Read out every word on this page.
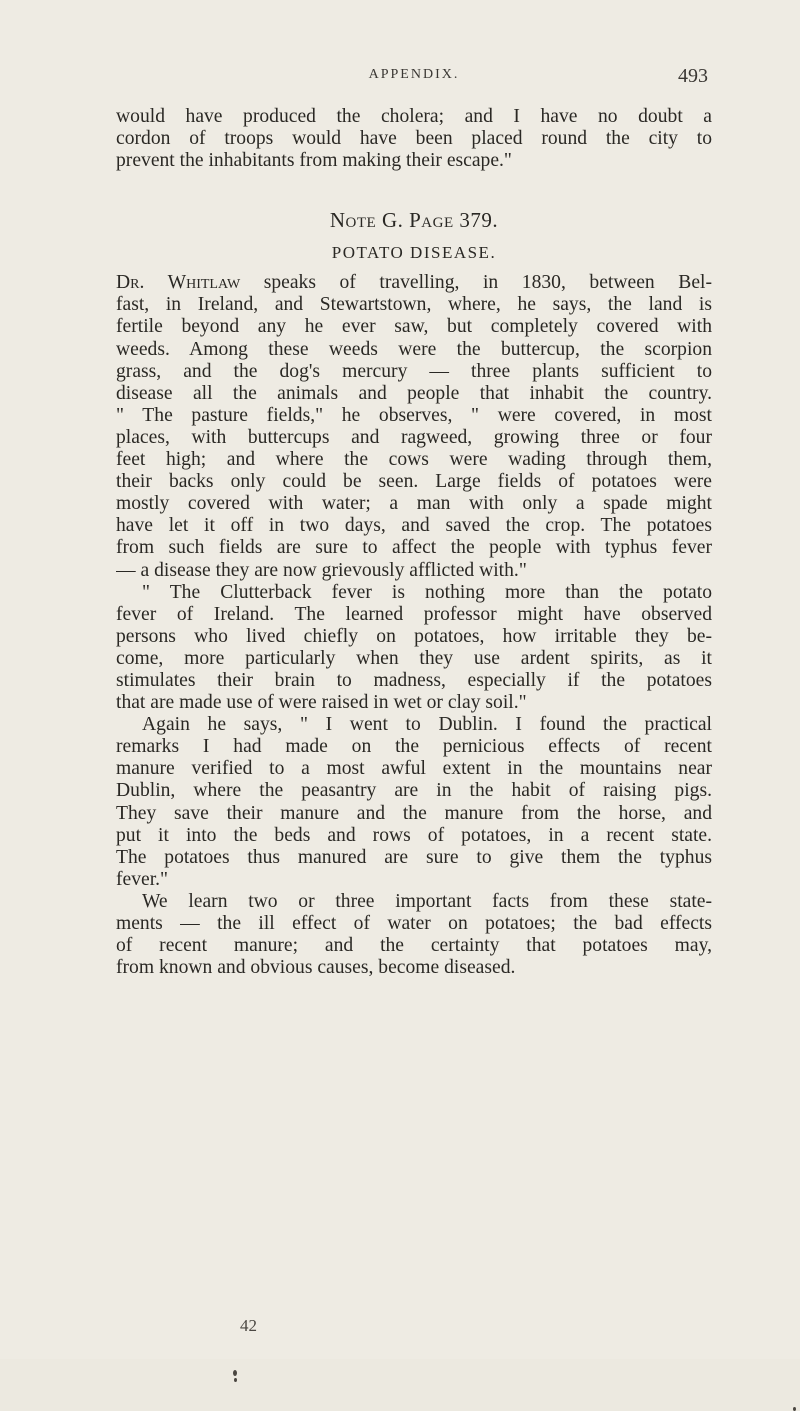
APPENDIX.	493
would have produced the cholera; and I have no doubt a
cordon of troops would have been placed round the city to
prevent the inhabitants from making their escape."
Note G. Page 379.
POTATO DISEASE.
Dr. Whitlaw speaks of travelling, in 1830, between Bel-
fast, in Ireland, and Stewartstown, where, he says, the land is
fertile beyond any he ever saw, but completely covered with
weeds. Among these weeds were the buttercup, the scorpion
grass, and the dog's mercury — three plants sufficient to
disease all the animals and people that inhabit the country.
" The pasture fields," he observes, " were covered, in most
places, with buttercups and ragweed, growing three or four
feet high; and where the cows were wading through them,
their backs only could be seen. Large fields of potatoes were
mostly covered with water; a man with only a spade might
have let it off in two days, and saved the crop. The potatoes
from such fields are sure to affect the people with typhus fever
— a disease they are now grievously afflicted with."
" The Clutterback fever is nothing more than the potato
fever of Ireland. The learned professor might have observed
persons who lived chiefly on potatoes, how irritable they be-
come, more particularly when they use ardent spirits, as it
stimulates their brain to madness, especially if the potatoes
that are made use of were raised in wet or clay soil."
Again he says, " I went to Dublin. I found the practical
remarks I had made on the pernicious effects of recent
manure verified to a most awful extent in the mountains near
Dublin, where the peasantry are in the habit of raising pigs.
They save their manure and the manure from the horse, and
put it into the beds and rows of potatoes, in a recent state.
The potatoes thus manured are sure to give them the typhus
fever."
We learn two or three important facts from these state-
ments — the ill effect of water on potatoes; the bad effects
of recent manure; and the certainty that potatoes may,
from known and obvious causes, become diseased.
42
